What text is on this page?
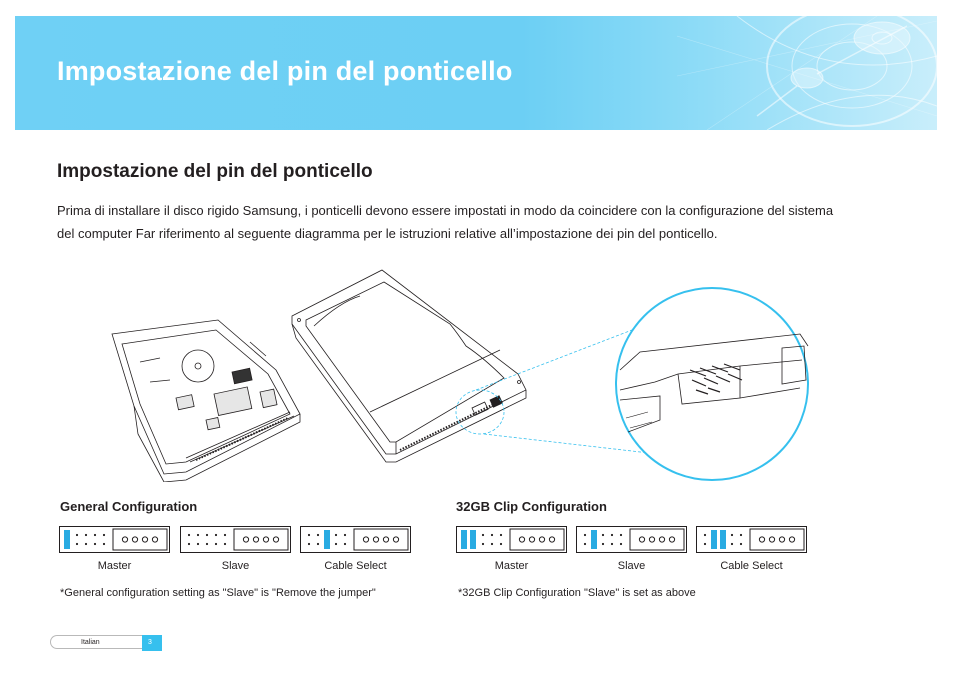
Impostazione del pin del ponticello
Impostazione del pin del ponticello

Prima di installare il disco rigido Samsung, i ponticelli devono essere impostati in modo da coincidere con la configurazione del sistema
del computer Far riferimento al seguente diagramma per le istruzioni relative all’impostazione dei pin del ponticello.

General Configuration
Master	Slave	Cable Select

*General configuration setting as "Slave" is "Remove the jumper"

32GB Clip Configuration
Master	Slave	Cable Select

*32GB Clip Configuration "Slave" is set as above

Italian	3
